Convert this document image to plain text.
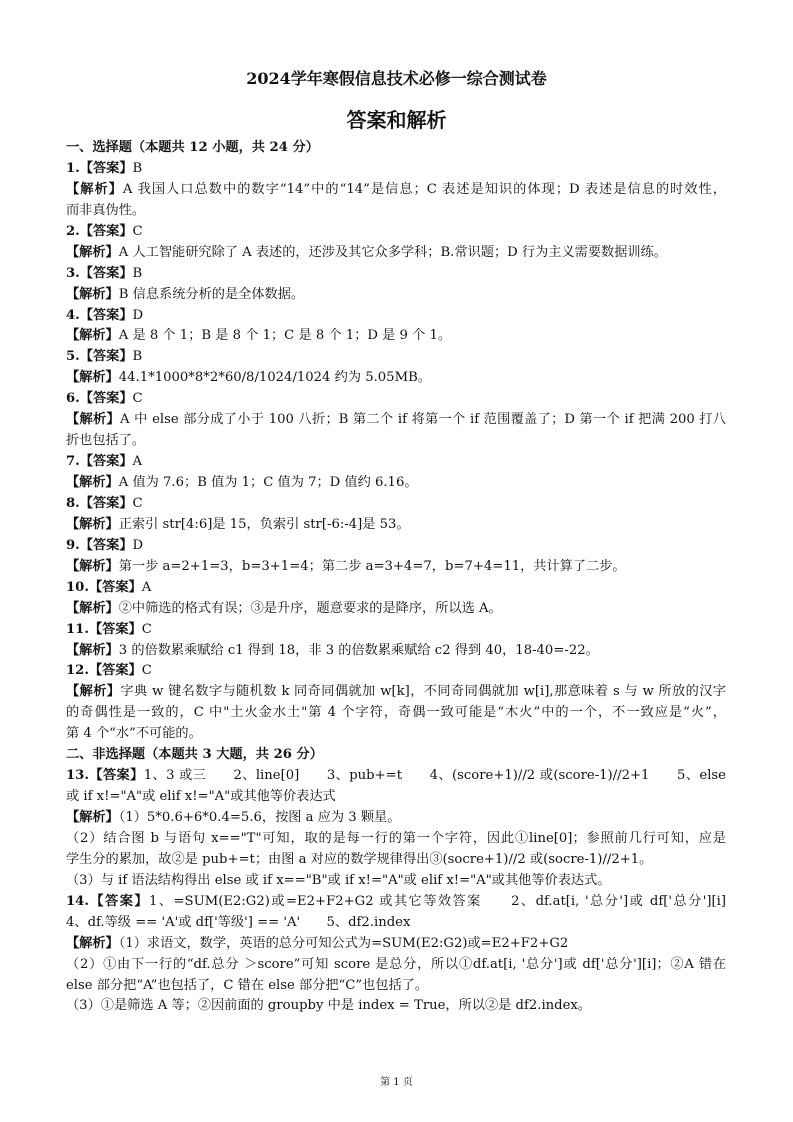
2024学年寒假信息技术必修一综合测试卷
答案和解析
一、选择题（本题共 12 小题，共 24 分）
1.【答案】B
【解析】A 我国人口总数中的数字“14”中的“14”是信息；C 表述是知识的体现；D 表述是信息的时效性，
而非真伪性。
2.【答案】C
【解析】A 人工智能研究除了 A 表述的，还涉及其它众多学科；B.常识题；D 行为主义需要数据训练。
3.【答案】B
【解析】B 信息系统分析的是全体数据。
4.【答案】D
【解析】A 是 8 个 1；B 是 8 个 1；C 是 8 个 1；D 是 9 个 1。
5.【答案】B
【解析】44.1*1000*8*2*60/8/1024/1024 约为 5.05MB。
6.【答案】C
【解析】A 中 else 部分成了小于 100 八折；B 第二个 if 将第一个 if 范围覆盖了；D 第一个 if 把满 200 打八
折也包括了。
7.【答案】A
【解析】A 值为 7.6；B 值为 1；C 值为 7；D 值约 6.16。
8.【答案】C
【解析】正索引 str[4:6]是 15，负索引 str[-6:-4]是 53。
9.【答案】D
【解析】第一步 a=2+1=3，b=3+1=4；第二步 a=3+4=7，b=7+4=11，共计算了二步。
10.【答案】A
【解析】②中筛选的格式有误；③是升序，题意要求的是降序，所以选 A。
11.【答案】C
【解析】3 的倍数累乘赋给 c1 得到 18，非 3 的倍数累乘赋给 c2 得到 40，18-40=-22。
12.【答案】C
【解析】字典 w 键名数字与随机数 k 同奇同偶就加 w[k]，不同奇同偶就加 w[i],那意味着 s 与 w 所放的汉字
的奇偶性是一致的，C 中"土火金水土"第 4 个字符，奇偶一致可能是“木火”中的一个，不一致应是“火”，
第 4 个“水”不可能的。
二、非选择题（本题共 3 大题，共 26 分）
13.【答案】1、3 或三　　2、line[0]　　3、pub+=t　　4、(score+1)//2 或(score-1)//2+1　　5、else
或 if x!="A"或 elif x!="A"或其他等价表达式
【解析】（1）5*0.6+6*0.4=5.6，按图 a 应为 3 颗星。
（2）结合图 b 与语句 x=="T"可知，取的是每一行的第一个字符，因此①line[0]；参照前几行可知，应是
学生分的累加，故②是 pub+=t；由图 a 对应的数学规律得出③(socre+1)//2 或(socre-1)//2+1。
（3）与 if 语法结构得出 else 或 if x=="B"或 if x!="A"或 elif x!="A"或其他等价表达式。
14.【答案】1、=SUM(E2:G2)或=E2+F2+G2 或其它等效答案　　2、df.at[i, '总分']或 df['总分'][i]　　
4、df.等级 == 'A'或 df['等级'] == 'A'　　5、df2.index
【解析】（1）求语文，数学，英语的总分可知公式为=SUM(E2:G2)或=E2+F2+G2
（2）①由下一行的“df.总分 ＞score”可知 score 是总分，所以①df.at[i, '总分']或 df['总分'][i]；②A 错在
else 部分把“A”也包括了，C 错在 else 部分把“C”也包括了。
（3）①是筛选 A 等；②因前面的 groupby 中是 index = True，所以②是 df2.index。
第 1 页
